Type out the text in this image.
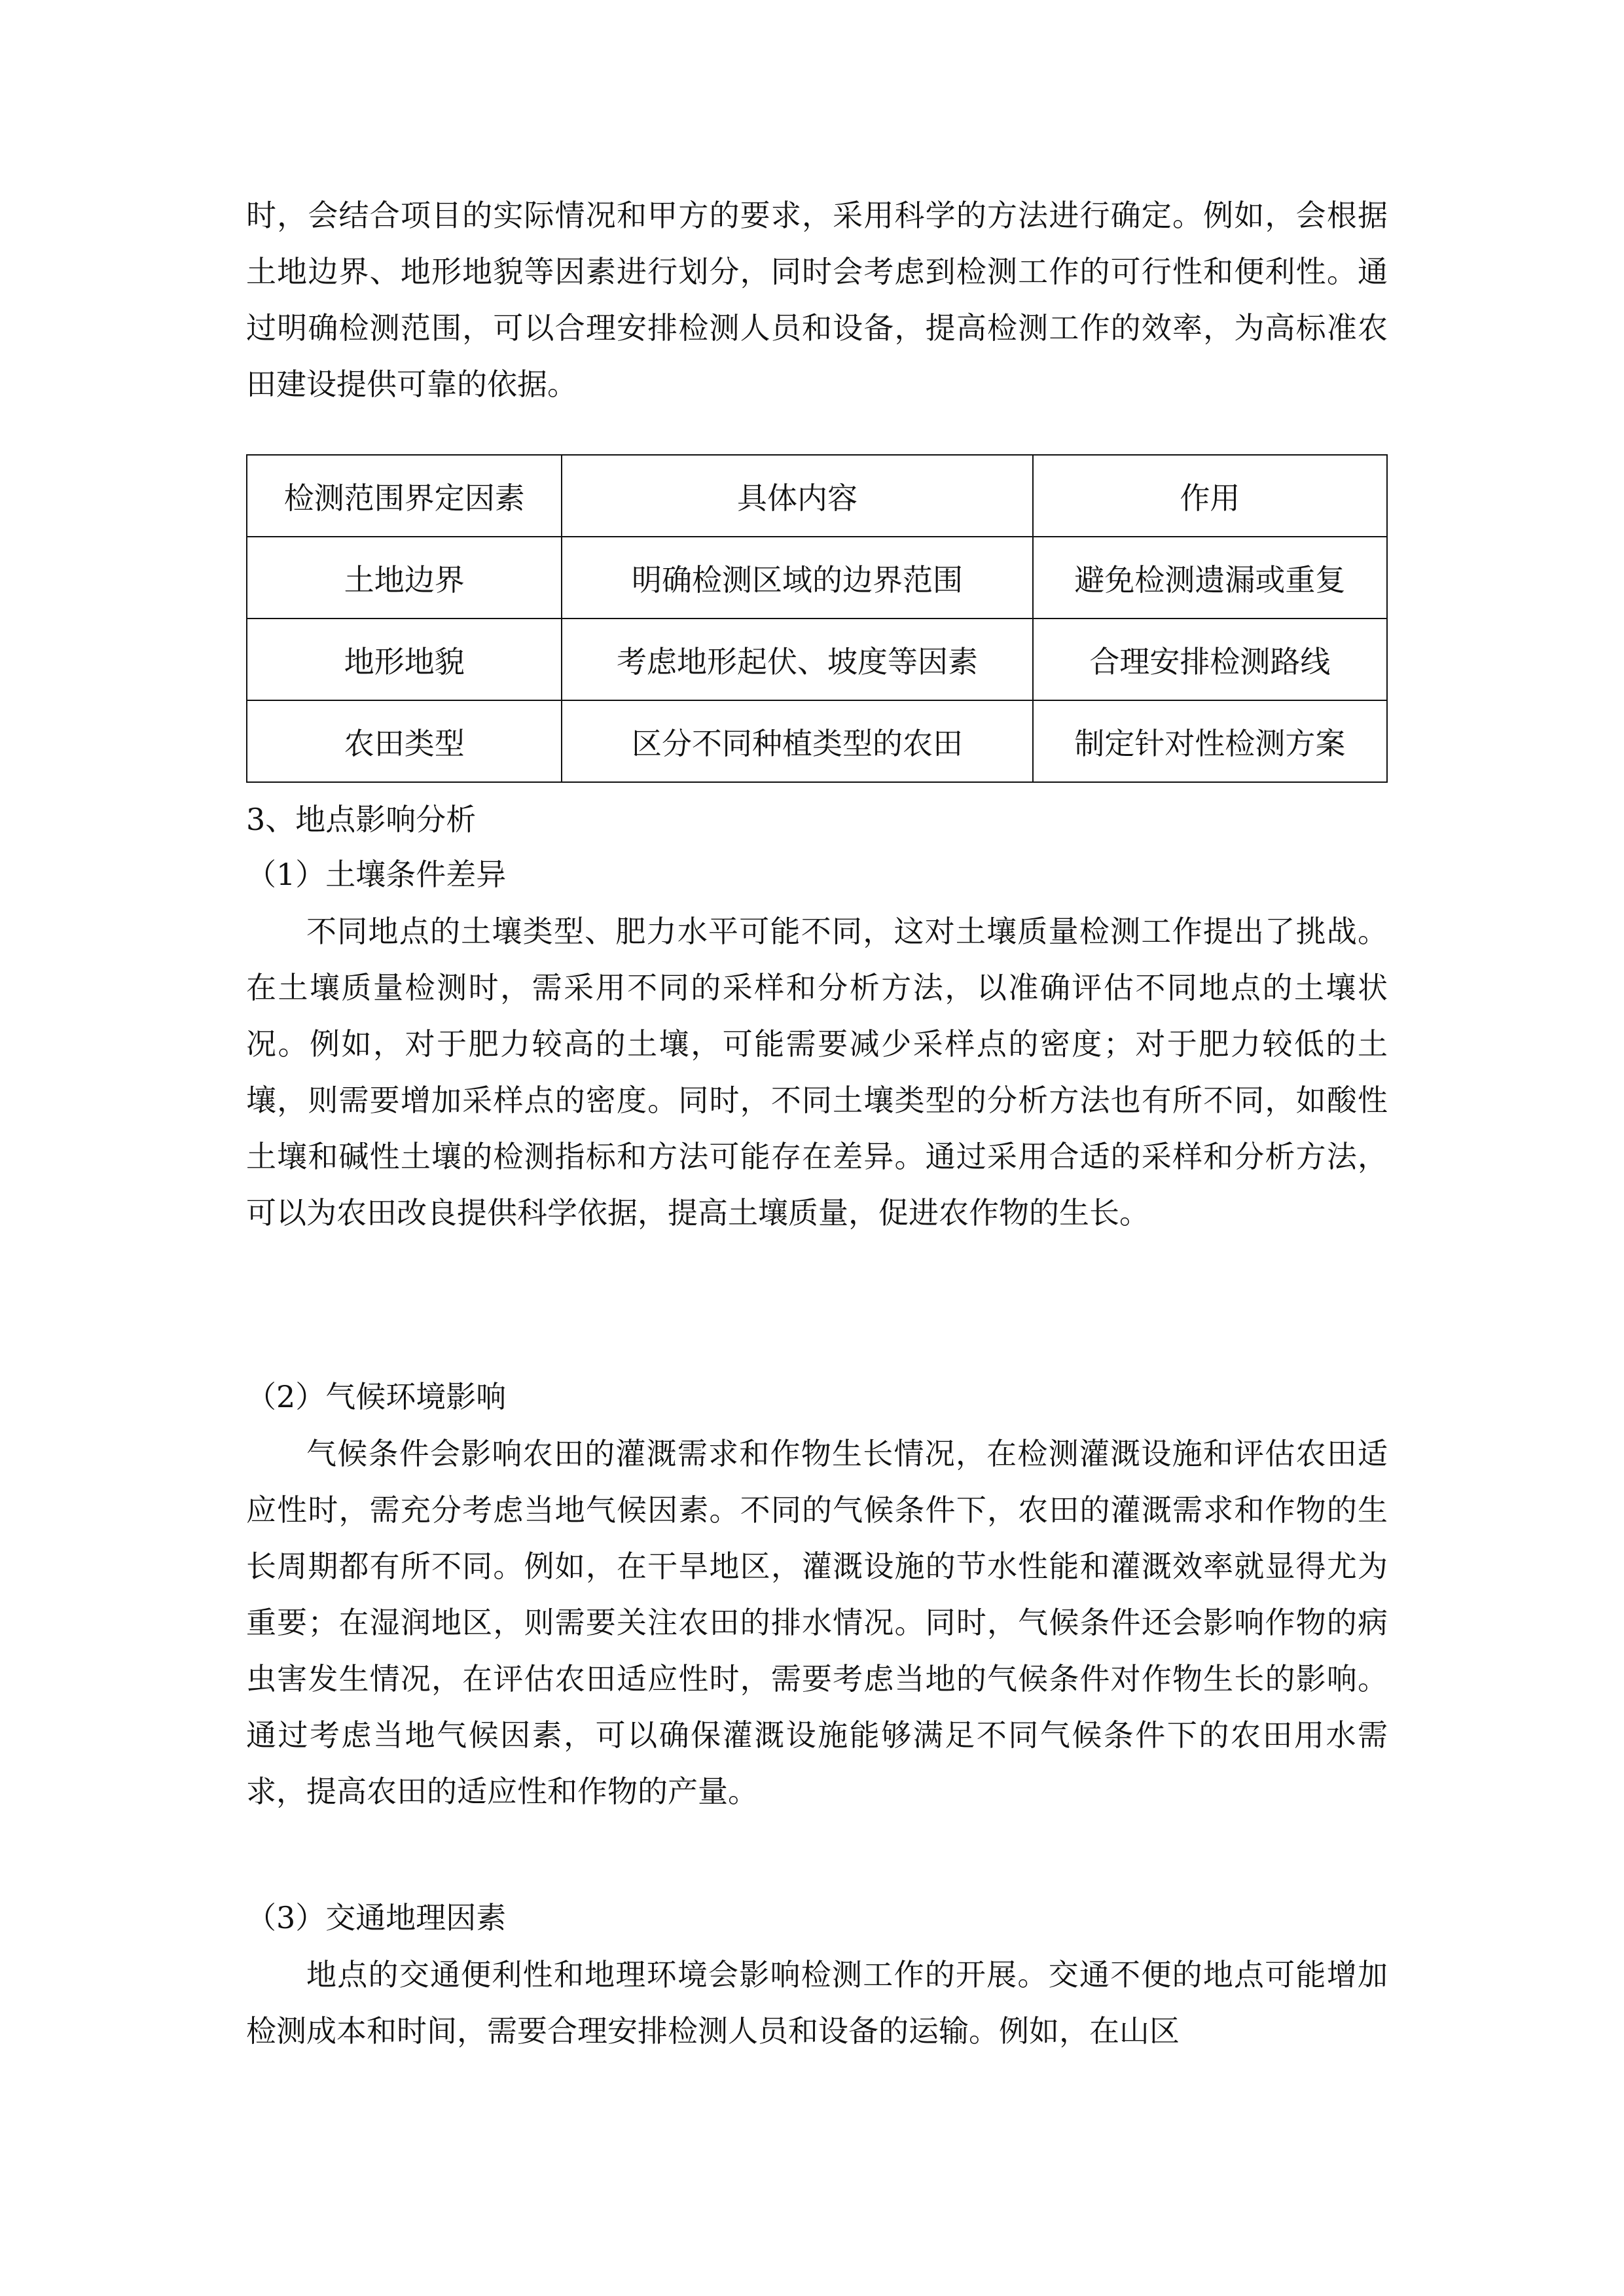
时，会结合项目的实际情况和甲方的要求，采用科学的方法进行确定。例如，会根据土地边界、地形地貌等因素进行划分，同时会考虑到检测工作的可行性和便利性。通过明确检测范围，可以合理安排检测人员和设备，提高检测工作的效率，为高标准农田建设提供可靠的依据。

检测范围界定因素	具体内容	作用
土地边界	明确检测区域的边界范围	避免检测遗漏或重复
地形地貌	考虑地形起伏、坡度等因素	合理安排检测路线
农田类型	区分不同种植类型的农田	制定针对性检测方案

3、地点影响分析

（1）土壤条件差异

不同地点的土壤类型、肥力水平可能不同，这对土壤质量检测工作提出了挑战。在土壤质量检测时，需采用不同的采样和分析方法，以准确评估不同地点的土壤状况。例如，对于肥力较高的土壤，可能需要减少采样点的密度；对于肥力较低的土壤，则需要增加采样点的密度。同时，不同土壤类型的分析方法也有所不同，如酸性土壤和碱性土壤的检测指标和方法可能存在差异。通过采用合适的采样和分析方法，可以为农田改良提供科学依据，提高土壤质量，促进农作物的生长。

（2）气候环境影响

气候条件会影响农田的灌溉需求和作物生长情况，在检测灌溉设施和评估农田适应性时，需充分考虑当地气候因素。不同的气候条件下，农田的灌溉需求和作物的生长周期都有所不同。例如，在干旱地区，灌溉设施的节水性能和灌溉效率就显得尤为重要；在湿润地区，则需要关注农田的排水情况。同时，气候条件还会影响作物的病虫害发生情况，在评估农田适应性时，需要考虑当地的气候条件对作物生长的影响。通过考虑当地气候因素，可以确保灌溉设施能够满足不同气候条件下的农田用水需求，提高农田的适应性和作物的产量。

（3）交通地理因素

地点的交通便利性和地理环境会影响检测工作的开展。交通不便的地点可能增加检测成本和时间，需要合理安排检测人员和设备的运输。例如，在山区
